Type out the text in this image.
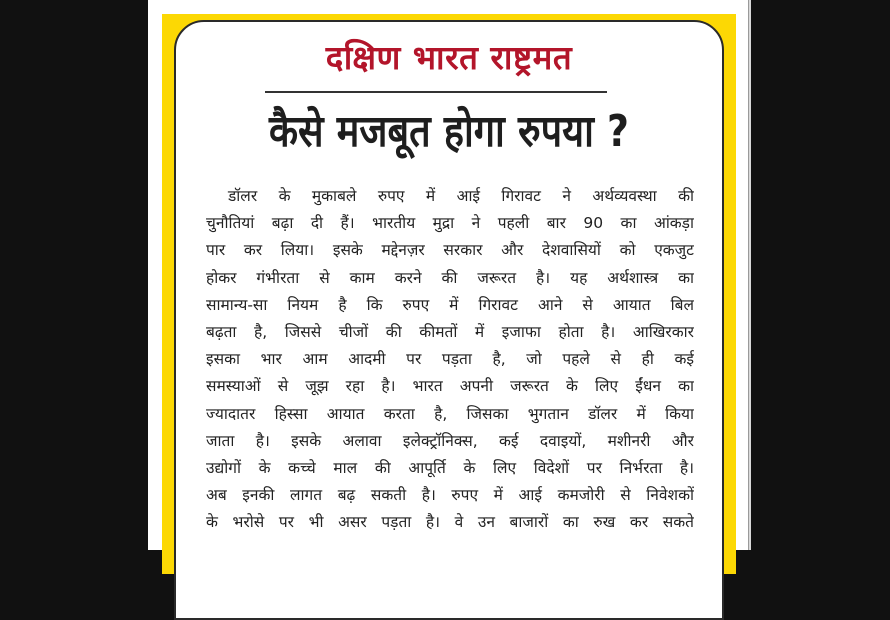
दक्षिण भारत राष्ट्रमत
कैसे मजबूत होगा रुपया ?
डॉलर के मुकाबले रुपए में आई गिरावट ने अर्थव्यवस्था की
चुनौतियां बढ़ा दी हैं। भारतीय मुद्रा ने पहली बार 90 का आंकड़ा
पार कर लिया। इसके मद्देनज़र सरकार और देशवासियों को एकजुट
होकर गंभीरता से काम करने की जरूरत है। यह अर्थशास्त्र का
सामान्य-सा नियम है कि रुपए में गिरावट आने से आयात बिल
बढ़ता है, जिससे चीजों की कीमतों में इजाफा होता है। आखिरकार
इसका भार आम आदमी पर पड़ता है, जो पहले से ही कई
समस्याओं से जूझ रहा है। भारत अपनी जरूरत के लिए ईंधन का
ज्यादातर हिस्सा आयात करता है, जिसका भुगतान डॉलर में किया
जाता है। इसके अलावा इलेक्ट्रॉनिक्स, कई दवाइयों, मशीनरी और
उद्योगों के कच्चे माल की आपूर्ति के लिए विदेशों पर निर्भरता है।
अब इनकी लागत बढ़ सकती है। रुपए में आई कमजोरी से निवेशकों
के भरोसे पर भी असर पड़ता है। वे उन बाजारों का रुख कर सकते
